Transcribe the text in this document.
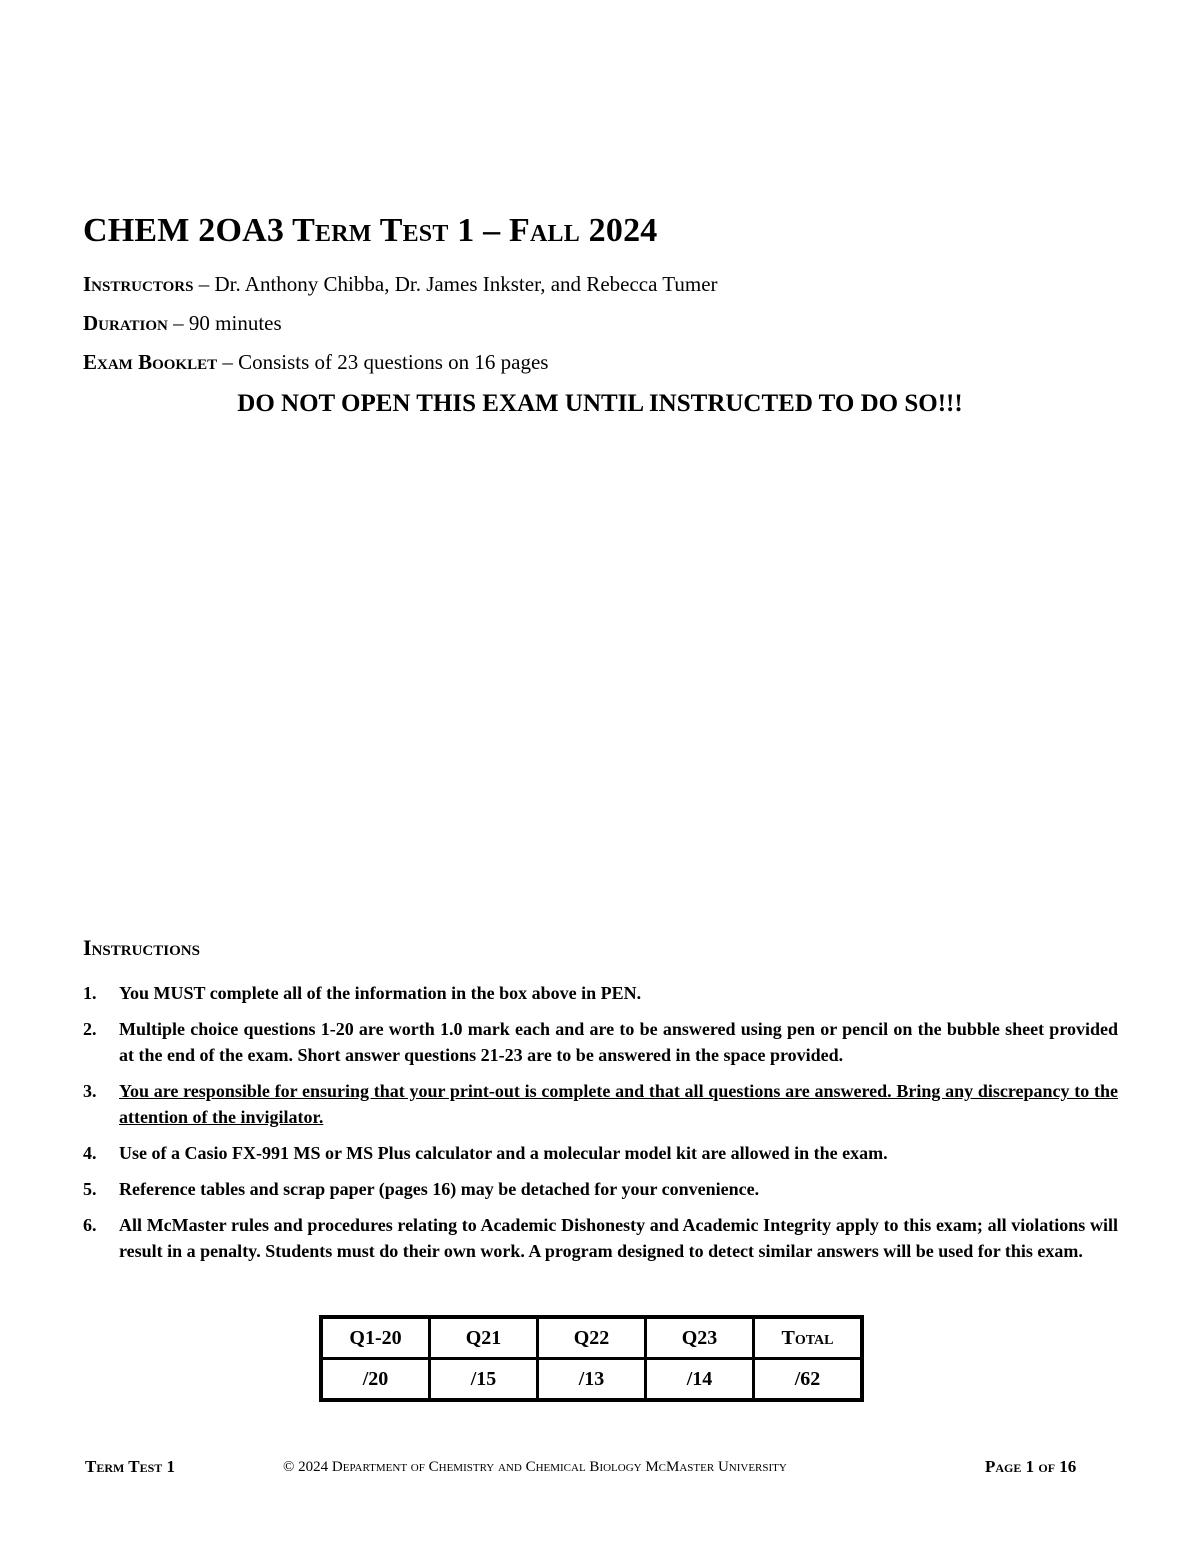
CHEM 2OA3 Term Test 1 – Fall 2024
Instructors – Dr. Anthony Chibba, Dr. James Inkster, and Rebecca Tumer
Duration – 90 minutes
Exam Booklet – Consists of 23 questions on 16 pages
DO NOT OPEN THIS EXAM UNTIL INSTRUCTED TO DO SO!!!
Instructions
1.	You MUST complete all of the information in the box above in PEN.
2.	Multiple choice questions 1-20 are worth 1.0 mark each and are to be answered using pen or pencil on the bubble sheet provided at the end of the exam. Short answer questions 21-23 are to be answered in the space provided.
3.	You are responsible for ensuring that your print-out is complete and that all questions are answered. Bring any discrepancy to the attention of the invigilator.
4.	Use of a Casio FX-991 MS or MS Plus calculator and a molecular model kit are allowed in the exam.
5.	Reference tables and scrap paper (pages 16) may be detached for your convenience.
6.	All McMaster rules and procedures relating to Academic Dishonesty and Academic Integrity apply to this exam; all violations will result in a penalty. Students must do their own work. A program designed to detect similar answers will be used for this exam.
Q1-20	Q21	Q22	Q23	Total
/20	/15	/13	/14	/62
Term Test 1	© 2024 Department of Chemistry and Chemical Biology McMaster University	Page 1 of 16
